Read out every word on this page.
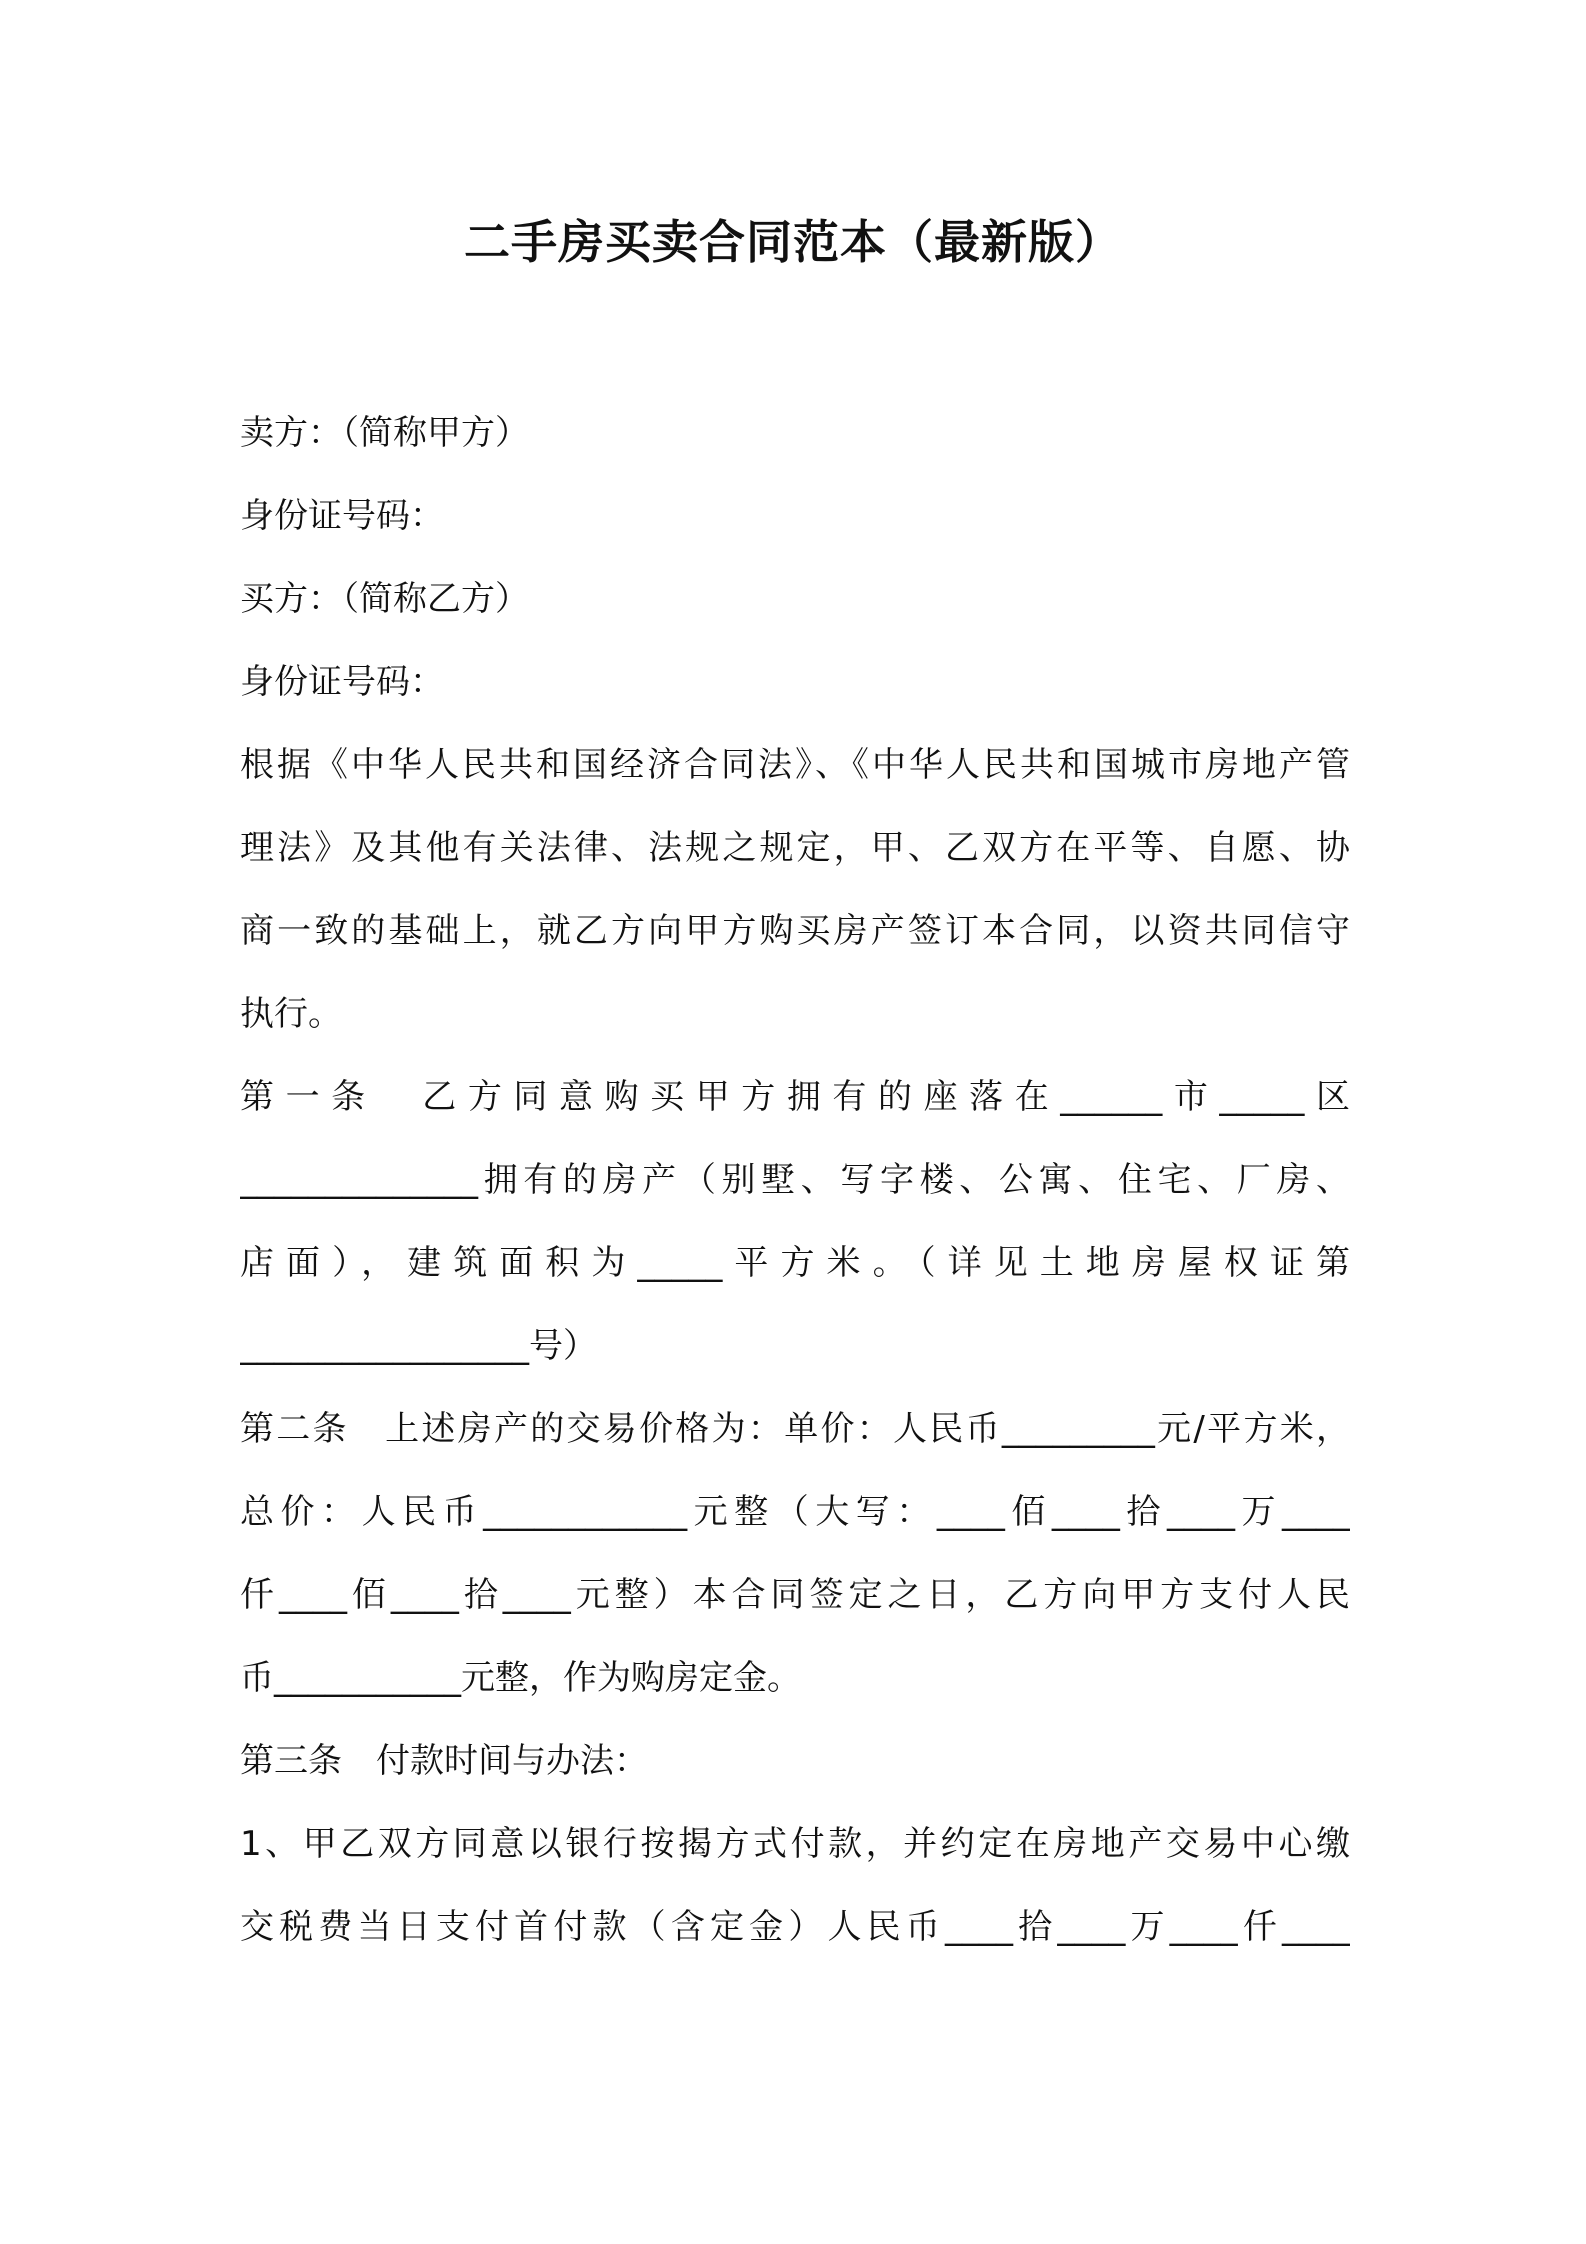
二手房买卖合同范本（最新版）
卖方：（简称甲方）
身份证号码：
买方：（简称乙方）
身份证号码：
根据《中华人民共和国经济合同法》、《中华人民共和国城市房地产管
理法》及其他有关法律、法规之规定，甲、乙双方在平等、自愿、协
商一致的基础上，就乙方向甲方购买房产签订本合同，以资共同信守
执行。
第一条　乙方同意购买甲方拥有的座落在______市_____区
______________拥有的房产（别墅、写字楼、公寓、住宅、厂房、
店面），建筑面积为_____平方米。（详见土地房屋权证第
_________________号）
第二条　上述房产的交易价格为：单价：人民币_________元/平方米，
总价：人民币____________元整（大写：____佰____拾____万____
仟____佰____拾____元整）本合同签定之日，乙方向甲方支付人民
币___________元整，作为购房定金。
第三条　付款时间与办法：
1、甲乙双方同意以银行按揭方式付款，并约定在房地产交易中心缴
交税费当日支付首付款（含定金）人民币____拾____万____仟____
